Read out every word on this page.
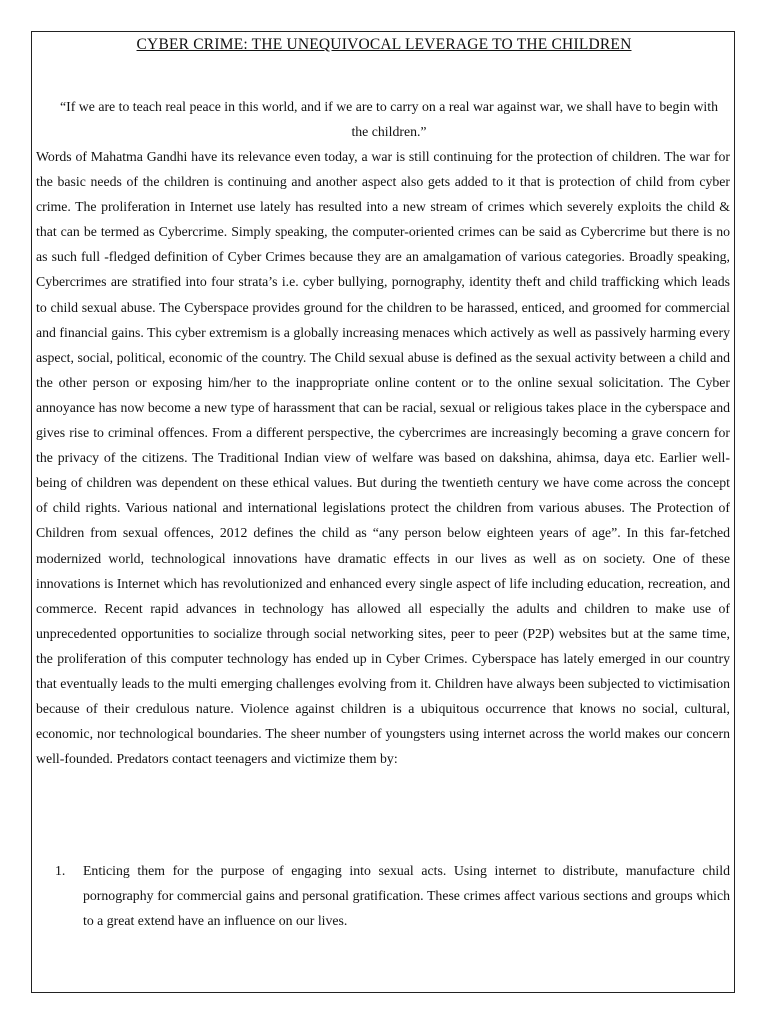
CYBER CRIME: THE UNEQUIVOCAL LEVERAGE TO THE CHILDREN

“If we are to teach real peace in this world, and if we are to carry on a real war against war, we shall have to begin with the children.”

Words of Mahatma Gandhi have its relevance even today, a war is still continuing for the protection of children. The war for the basic needs of the children is continuing and another aspect also gets added to it that is protection of child from cyber crime. The proliferation in Internet use lately has resulted into a new stream of crimes which severely exploits the child & that can be termed as Cybercrime. Simply speaking, the computer-oriented crimes can be said as Cybercrime but there is no as such full -fledged definition of Cyber Crimes because they are an amalgamation of various categories. Broadly speaking, Cybercrimes are stratified into four strata’s i.e. cyber bullying, pornography, identity theft and child trafficking which leads to child sexual abuse. The Cyberspace provides ground for the children to be harassed, enticed, and groomed for commercial and financial gains. This cyber extremism is a globally increasing menaces which actively as well as passively harming every aspect, social, political, economic of the country. The Child sexual abuse is defined as the sexual activity between a child and the other person or exposing him/her to the inappropriate online content or to the online sexual solicitation. The Cyber annoyance has now become a new type of harassment that can be racial, sexual or religious takes place in the cyberspace and gives rise to criminal offences. From a different perspective, the cybercrimes are increasingly becoming a grave concern for the privacy of the citizens. The Traditional Indian view of welfare was based on dakshina, ahimsa, daya etc. Earlier well-being of children was dependent on these ethical values. But during the twentieth century we have come across the concept of child rights. Various national and international legislations protect the children from various abuses. The Protection of Children from sexual offences, 2012 defines the child as “any person below eighteen years of age”. In this far-fetched modernized world, technological innovations have dramatic effects in our lives as well as on society. One of these innovations is Internet which has revolutionized and enhanced every single aspect of life including education, recreation, and commerce. Recent rapid advances in technology has allowed all especially the adults and children to make use of unprecedented opportunities to socialize through social networking sites, peer to peer (P2P) websites but at the same time, the proliferation of this computer technology has ended up in Cyber Crimes. Cyberspace has lately emerged in our country that eventually leads to the multi emerging challenges evolving from it. Children have always been subjected to victimisation because of their credulous nature. Violence against children is a ubiquitous occurrence that knows no social, cultural, economic, nor technological boundaries. The sheer number of youngsters using internet across the world makes our concern well-founded. Predators contact teenagers and victimize them by:

1.	Enticing them for the purpose of engaging into sexual acts. Using internet to distribute, manufacture child pornography for commercial gains and personal gratification. These crimes affect various sections and groups which to a great extend have an influence on our lives.
